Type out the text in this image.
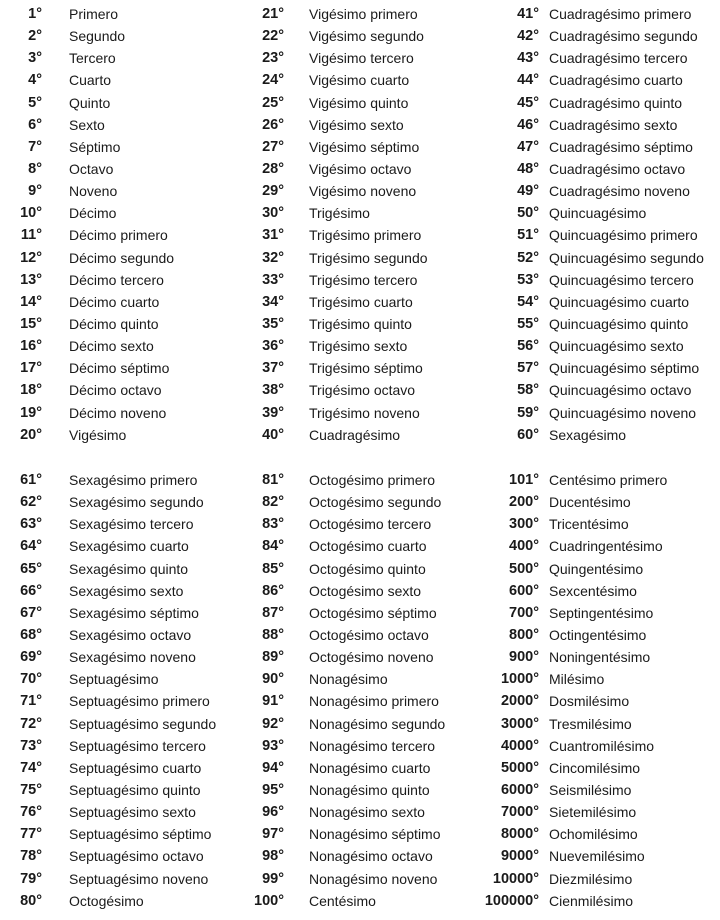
1° Primero
2° Segundo
3° Tercero
4° Cuarto
5° Quinto
6° Sexto
7° Séptimo
8° Octavo
9° Noveno
10° Décimo
11° Décimo primero
12° Décimo segundo
13° Décimo tercero
14° Décimo cuarto
15° Décimo quinto
16° Décimo sexto
17° Décimo séptimo
18° Décimo octavo
19° Décimo noveno
20° Vigésimo
21° Vigésimo primero
22° Vigésimo segundo
23° Vigésimo tercero
24° Vigésimo cuarto
25° Vigésimo quinto
26° Vigésimo sexto
27° Vigésimo séptimo
28° Vigésimo octavo
29° Vigésimo noveno
30° Trigésimo
31° Trigésimo primero
32° Trigésimo segundo
33° Trigésimo tercero
34° Trigésimo cuarto
35° Trigésimo quinto
36° Trigésimo sexto
37° Trigésimo séptimo
38° Trigésimo octavo
39° Trigésimo noveno
40° Cuadragésimo
41° Cuadragésimo primero
42° Cuadragésimo segundo
43° Cuadragésimo tercero
44° Cuadragésimo cuarto
45° Cuadragésimo quinto
46° Cuadragésimo sexto
47° Cuadragésimo séptimo
48° Cuadragésimo octavo
49° Cuadragésimo noveno
50° Quincuagésimo
51° Quincuagésimo primero
52° Quincuagésimo segundo
53° Quincuagésimo tercero
54° Quincuagésimo cuarto
55° Quincuagésimo quinto
56° Quincuagésimo sexto
57° Quincuagésimo séptimo
58° Quincuagésimo octavo
59° Quincuagésimo noveno
60° Sexagésimo
61° Sexagésimo primero
62° Sexagésimo segundo
63° Sexagésimo tercero
64° Sexagésimo cuarto
65° Sexagésimo quinto
66° Sexagésimo sexto
67° Sexagésimo séptimo
68° Sexagésimo octavo
69° Sexagésimo noveno
70° Septuagésimo
71° Septuagésimo primero
72° Septuagésimo segundo
73° Septuagésimo tercero
74° Septuagésimo cuarto
75° Septuagésimo quinto
76° Septuagésimo sexto
77° Septuagésimo séptimo
78° Septuagésimo octavo
79° Septuagésimo noveno
80° Octogésimo
81° Octogésimo primero
82° Octogésimo segundo
83° Octogésimo tercero
84° Octogésimo cuarto
85° Octogésimo quinto
86° Octogésimo sexto
87° Octogésimo séptimo
88° Octogésimo octavo
89° Octogésimo noveno
90° Nonagésimo
91° Nonagésimo primero
92° Nonagésimo segundo
93° Nonagésimo tercero
94° Nonagésimo cuarto
95° Nonagésimo quinto
96° Nonagésimo sexto
97° Nonagésimo séptimo
98° Nonagésimo octavo
99° Nonagésimo noveno
100° Centésimo
101° Centésimo primero
200° Ducentésimo
300° Tricentésimo
400° Cuadringentésimo
500° Quingentésimo
600° Sexcentésimo
700° Septingentésimo
800° Octingentésimo
900° Noningentésimo
1000° Milésimo
2000° Dosmilésimo
3000° Tresmilésimo
4000° Cuantromilésimo
5000° Cincomilésimo
6000° Seismilésimo
7000° Sietemilésimo
8000° Ochomilésimo
9000° Nuevemilésimo
10000° Diezmilésimo
100000° Cienmilésimo
